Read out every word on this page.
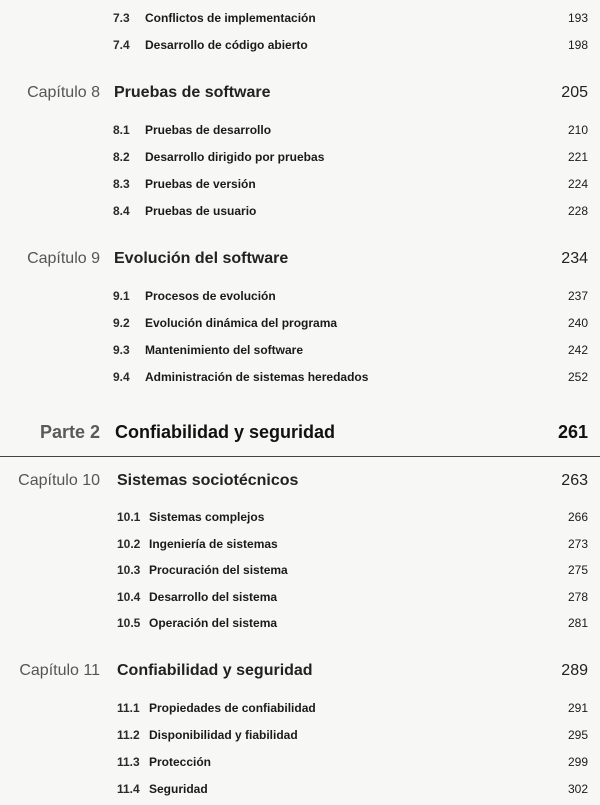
7.3 Conflictos de implementación	193
7.4 Desarrollo de código abierto	198
Capítulo 8 Pruebas de software	205
8.1 Pruebas de desarrollo	210
8.2 Desarrollo dirigido por pruebas	221
8.3 Pruebas de versión	224
8.4 Pruebas de usuario	228
Capítulo 9 Evolución del software	234
9.1 Procesos de evolución	237
9.2 Evolución dinámica del programa	240
9.3 Mantenimiento del software	242
9.4 Administración de sistemas heredados	252
Parte 2 Confiabilidad y seguridad	261
Capítulo 10 Sistemas sociotécnicos	263
10.1 Sistemas complejos	266
10.2 Ingeniería de sistemas	273
10.3 Procuración del sistema	275
10.4 Desarrollo del sistema	278
10.5 Operación del sistema	281
Capítulo 11 Confiabilidad y seguridad	289
11.1 Propiedades de confiabilidad	291
11.2 Disponibilidad y fiabilidad	295
11.3 Protección	299
11.4 Seguridad	302
